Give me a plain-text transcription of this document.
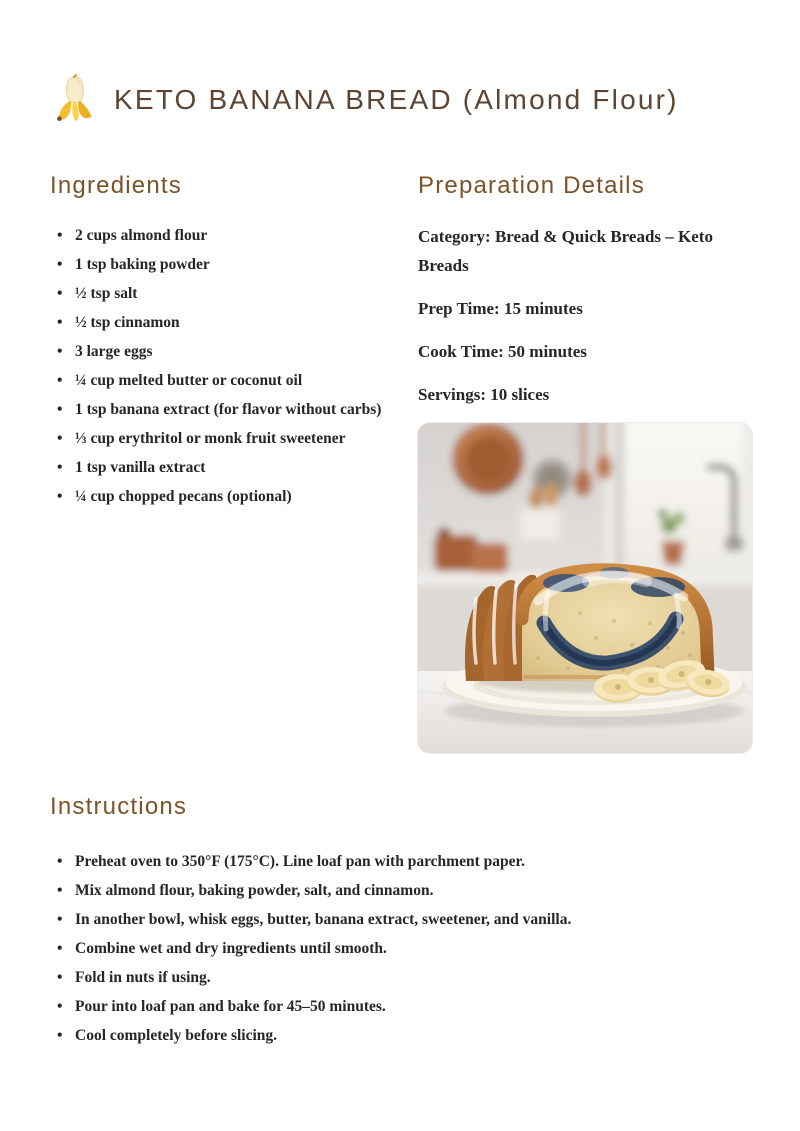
KETO BANANA BREAD (Almond Flour)
Ingredients
• 2 cups almond flour
• 1 tsp baking powder
• ½ tsp salt
• ½ tsp cinnamon
• 3 large eggs
• ¼ cup melted butter or coconut oil
• 1 tsp banana extract (for flavor without carbs)
• ⅓ cup erythritol or monk fruit sweetener
• 1 tsp vanilla extract
• ¼ cup chopped pecans (optional)
Preparation Details

Category: Bread & Quick Breads – Keto Breads

Prep Time: 15 minutes

Cook Time: 50 minutes

Servings: 10 slices

Instructions
• Preheat oven to 350°F (175°C). Line loaf pan with parchment paper.
• Mix almond flour, baking powder, salt, and cinnamon.
• In another bowl, whisk eggs, butter, banana extract, sweetener, and vanilla.
• Combine wet and dry ingredients until smooth.
• Fold in nuts if using.
• Pour into loaf pan and bake for 45–50 minutes.
• Cool completely before slicing.
